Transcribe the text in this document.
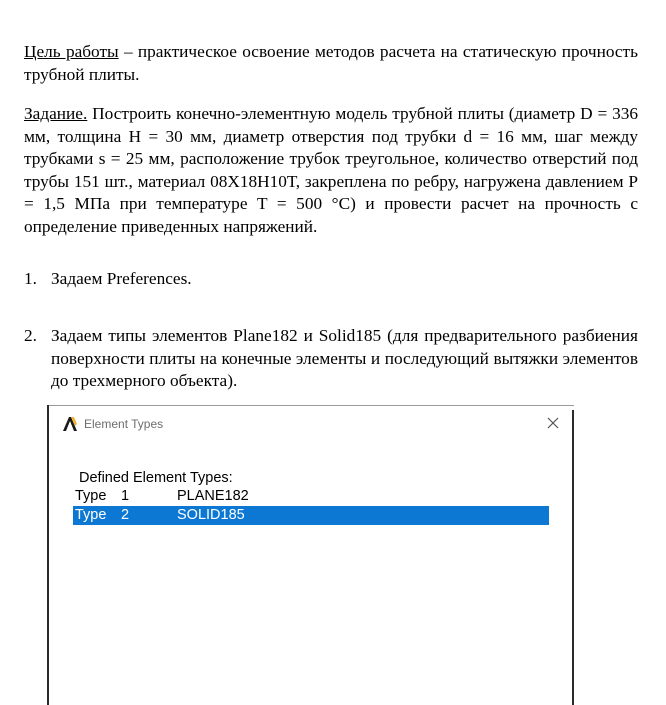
Цель работы – практическое освоение методов расчета на статическую прочность трубной плиты.

Задание. Построить конечно-элементную модель трубной плиты (диаметр D = 336 мм, толщина H = 30 мм, диаметр отверстия под трубки d = 16 мм, шаг между трубками s = 25 мм, расположение трубок треугольное, количество отверстий под трубы 151 шт., материал 08Х18Н10Т, закреплена по ребру, нагружена давлением P = 1,5 МПа при температуре T = 500 °С) и провести расчет на прочность с определение приведенных напряжений.

1. Задаем Preferences.
2. Задаем типы элементов Plane182 и Solid185 (для предварительного разбиения поверхности плиты на конечные элементы и последующий вытяжки элементов до трехмерного объекта).
Element Types
Defined Element Types:
Type 1	PLANE182
Type 2	SOLID185
